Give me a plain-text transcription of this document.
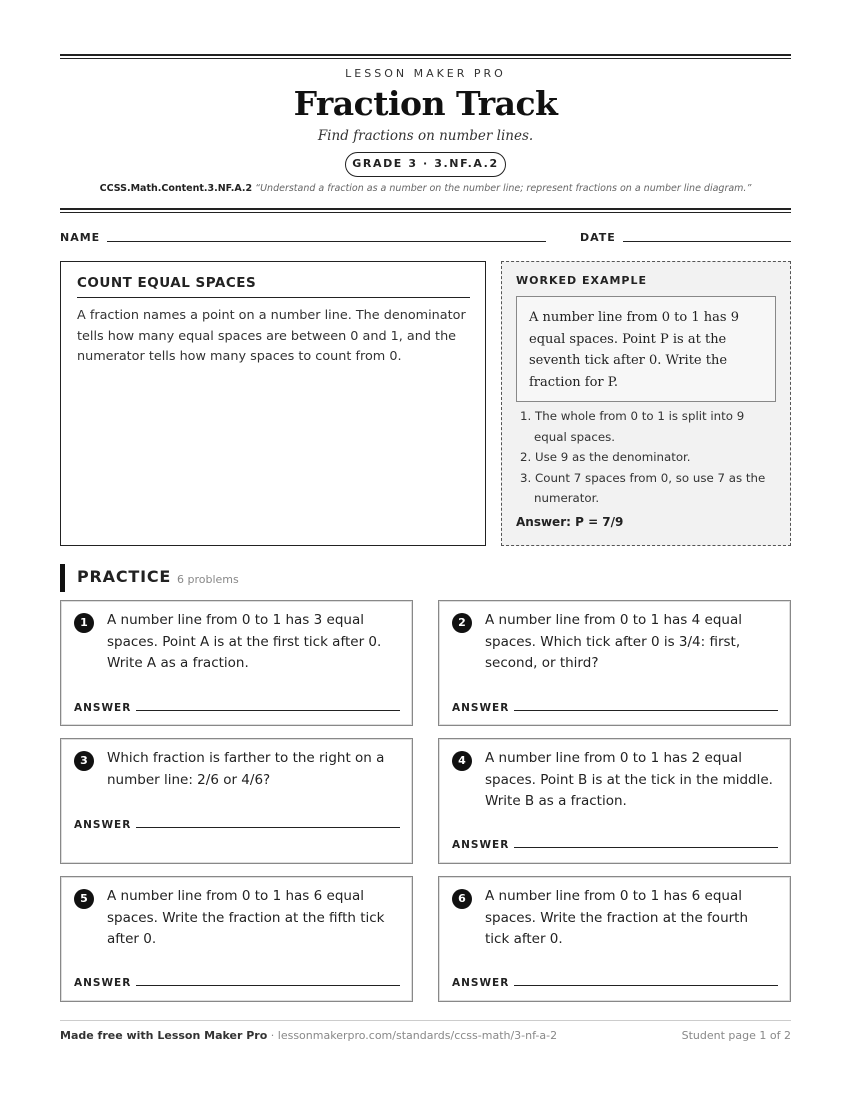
LESSON MAKER PRO
Fraction Track
Find fractions on number lines.
GRADE 3 · 3.NF.A.2
CCSS.Math.Content.3.NF.A.2 “Understand a fraction as a number on the number line; represent fractions on a number line diagram.”
NAME	DATE
COUNT EQUAL SPACES
A fraction names a point on a number line. The denominator tells how many equal spaces are between 0 and 1, and the numerator tells how many spaces to count from 0.
WORKED EXAMPLE
A number line from 0 to 1 has 9 equal spaces. Point P is at the seventh tick after 0. Write the fraction for P.
1. The whole from 0 to 1 is split into 9 equal spaces.
2. Use 9 as the denominator.
3. Count 7 spaces from 0, so use 7 as the numerator.
Answer: P = 7/9
PRACTICE 6 problems
1	A number line from 0 to 1 has 3 equal spaces. Point A is at the first tick after 0. Write A as a fraction.
ANSWER
2	A number line from 0 to 1 has 4 equal spaces. Which tick after 0 is 3/4: first, second, or third?
ANSWER
3	Which fraction is farther to the right on a number line: 2/6 or 4/6?
ANSWER
4	A number line from 0 to 1 has 2 equal spaces. Point B is at the tick in the middle. Write B as a fraction.
ANSWER
5	A number line from 0 to 1 has 6 equal spaces. Write the fraction at the fifth tick after 0.
ANSWER
6	A number line from 0 to 1 has 6 equal spaces. Write the fraction at the fourth tick after 0.
ANSWER
Made free with Lesson Maker Pro · lessonmakerpro.com/standards/ccss-math/3-nf-a-2	Student page 1 of 2
